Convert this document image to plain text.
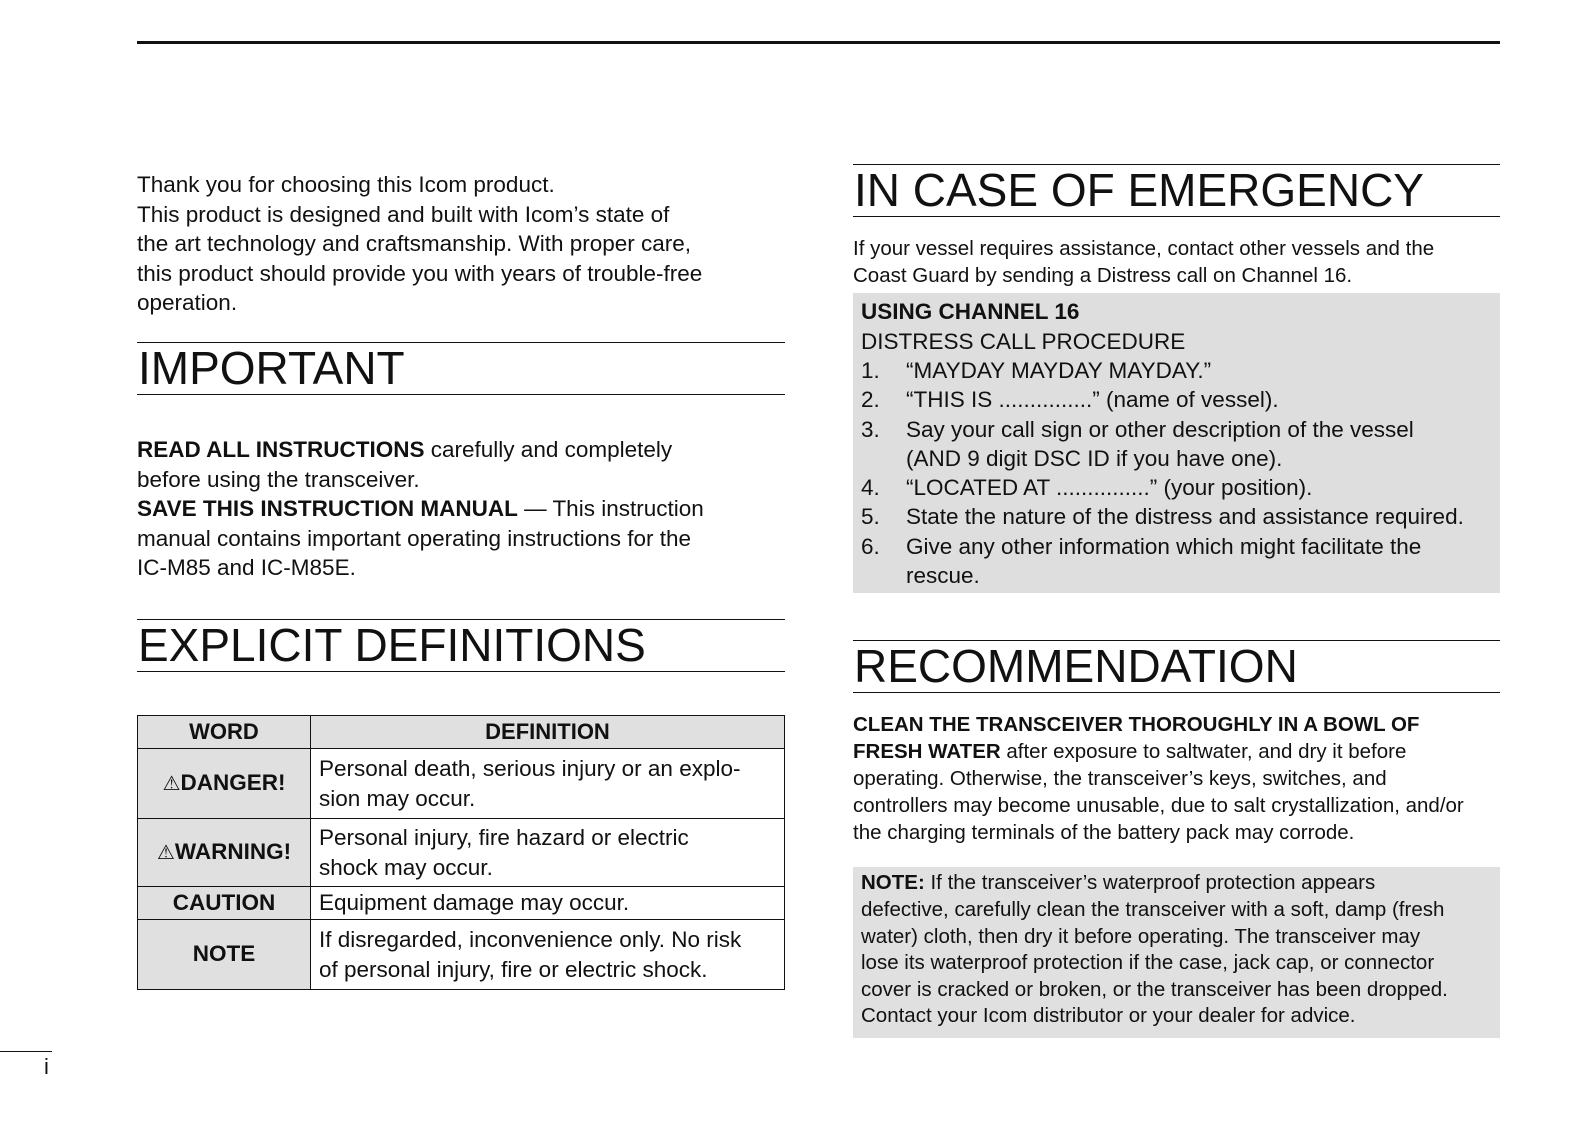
Thank you for choosing this Icom product.

This product is designed and built with Icom’s state of

the art technology and craftsmanship. With proper care,

this product should provide you with years of trouble-free

operation.

IMPORTANT

READ ALL INSTRUCTIONS carefully and completely

before using the transceiver.

SAVE THIS INSTRUCTION MANUAL — This instruction

manual contains important operating instructions for the

IC-M85 and IC-M85E.

EXPLICIT DEFINITIONS
WORD	DEFINITION
⚠DANGER!	Personal death, serious injury or an explo-
sion may occur.

⚠WARNING!	Personal injury, fire hazard or electric
shock may occur.

CAUTION	Equipment damage may occur.

NOTE	If disregarded, inconvenience only. No risk
of personal injury, fire or electric shock.
IN CASE OF EMERGENCY

If your vessel requires assistance, contact other vessels and the

Coast Guard by sending a Distress call on Channel 16.

USING CHANNEL 16
DISTRESS CALL PROCEDURE
1.	“MAYDAY MAYDAY MAYDAY.”
2.	“THIS IS ...............” (name of vessel).
3.	Say your call sign or other description of the vessel
(AND 9 digit DSC ID if you have one).
4.	“LOCATED AT ...............” (your position).
5.	State the nature of the distress and assistance required.
6.	Give any other information which might facilitate the
rescue.
RECOMMENDATION

CLEAN THE TRANSCEIVER THOROUGHLY IN A BOWL OF

FRESH WATER after exposure to saltwater, and dry it before

operating. Otherwise, the transceiver’s keys, switches, and

controllers may become unusable, due to salt crystallization, and/or

the charging terminals of the battery pack may corrode.

NOTE: If the transceiver’s waterproof protection appears

defective, carefully clean the transceiver with a soft, damp (fresh

water) cloth, then dry it before operating. The transceiver may

lose its waterproof protection if the case, jack cap, or connector

cover is cracked or broken, or the transceiver has been dropped.

Contact your Icom distributor or your dealer for advice.

i
